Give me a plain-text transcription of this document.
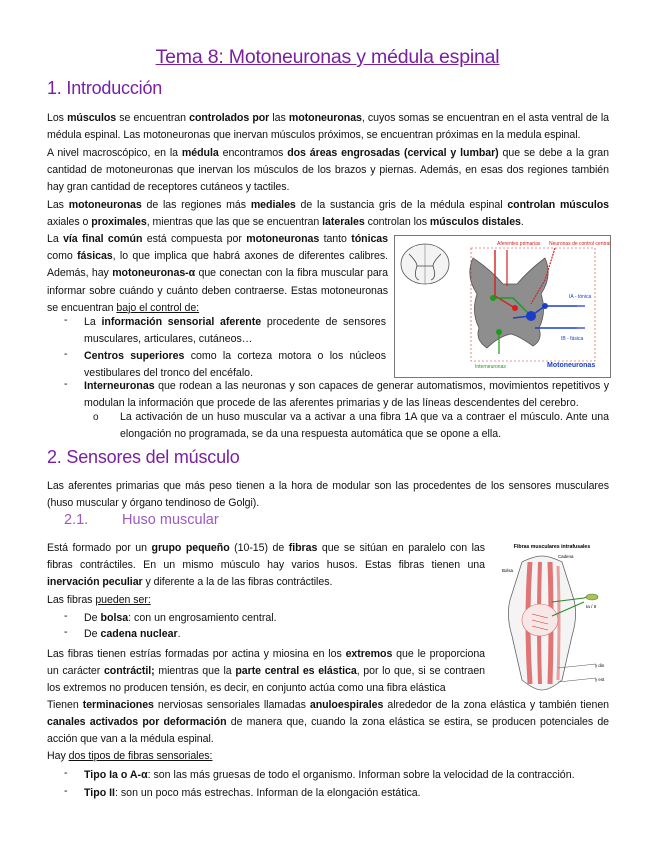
Tema 8: Motoneuronas y médula espinal
1. Introducción
Los músculos se encuentran controlados por las motoneuronas, cuyos somas se encuentran en el asta ventral de la médula espinal. Las motoneuronas que inervan músculos próximos, se encuentran próximas en la medula espinal.
A nivel macroscópico, en la médula encontramos dos áreas engrosadas (cervical y lumbar) que se debe a la gran cantidad de motoneuronas que inervan los músculos de los brazos y piernas. Además, en esas dos regiones también hay gran cantidad de receptores cutáneos y tactiles.
Las motoneuronas de las regiones más mediales de la sustancia gris de la médula espinal controlan músculos axiales o proximales, mientras que las que se encuentran laterales controlan los músculos distales.
La vía final común está compuesta por motoneuronas tanto tónicas como fásicas, lo que implica que habrá axones de diferentes calibres. Además, hay motoneuronas-α que conectan con la fibra muscular para informar sobre cuándo y cuánto deben contraerse. Estas motoneuronas se encuentran bajo el control de:
- La información sensorial aferente procedente de sensores musculares, articulares, cutáneos…
- Centros superiores como la corteza motora o los núcleos vestibulares del tronco del encéfalo.
- Interneuronas que rodean a las neuronas y son capaces de generar automatismos, movimientos repetitivos y modulan la información que procede de las aferentes primarias y de las líneas descendentes del cerebro.
o La activación de un huso muscular va a activar a una fibra 1A que va a contraer el músculo. Ante una elongación no programada, se da una respuesta automática que se opone a ella.
Aferentes primarias Neuronas de control central
IA - tónica
IB - fásica
Interneuronas	Motoneuronas
2. Sensores del músculo
Las aferentes primarias que más peso tienen a la hora de modular son las procedentes de los sensores musculares (huso muscular y órgano tendinoso de Golgi).
2.1. Huso muscular
Está formado por un grupo pequeño (10-15) de fibras que se sitúan en paralelo con las fibras contráctiles. En un mismo músculo hay varios husos. Estas fibras tienen una inervación peculiar y diferente a la de las fibras contráctiles.
Las fibras pueden ser:
- De bolsa: con un engrosamiento central.
- De cadena nuclear.
Las fibras tienen estrías formadas por actina y miosina en los extremos que le proporciona un carácter contráctil; mientras que la parte central es elástica, por lo que, si se contraen los extremos no producen tensión, es decir, en conjunto actúa como una fibra elástica
Tienen terminaciones nerviosas sensoriales llamadas anuloespirales alrededor de la zona elástica y también tienen canales activados por deformación de manera que, cuando la zona elástica se estira, se producen potenciales de acción que van a la médula espinal.
Hay dos tipos de fibras sensoriales:
- Tipo Ia o A-α: son las más gruesas de todo el organismo. Informan sobre la velocidad de la contracción.
- Tipo II: son un poco más estrechas. Informan de la elongación estática.
Fibras musculares intrafusales
Bolsa
Cadena
Ia / II
γ din
γ est
